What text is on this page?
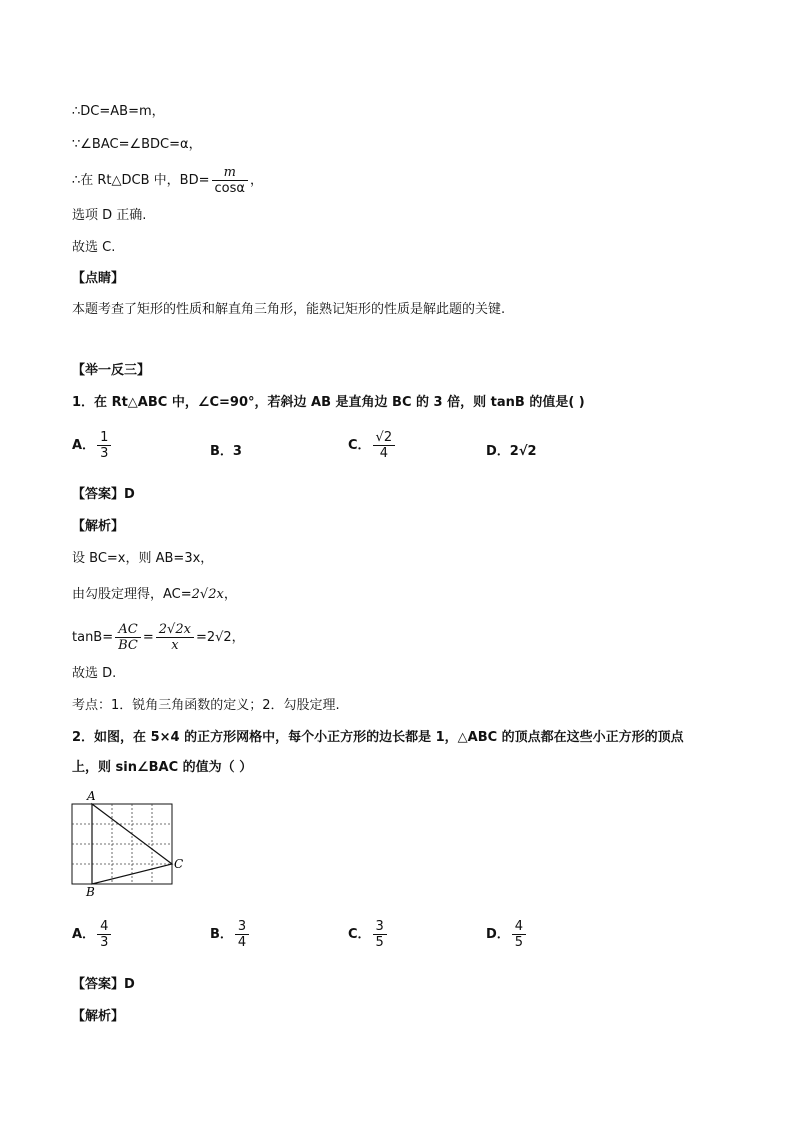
∴DC=AB=m，
∵∠BAC=∠BDC=α，
∴在 Rt△DCB 中，$BD= \frac{m}{\cos\alpha}$ ，
选项 D 正确.
故选 C.
【点睛】
本题考查了矩形的性质和解直角三角形，能熟记矩形的性质是解此题的关键.
【举一反三】
1．在 Rt△ABC 中，∠C=90°，若斜边 AB 是直角边 BC 的 3 倍，则 tanB 的值是( )
A． $\frac{1}{3}$	B．3	C． $\frac{√2}{4}$	D．2√2
【答案】D
【解析】
设 BC=x，则 AB=3x，
由勾股定理得，AC=2√2x，
$\tan B= \frac{AC}{BC} = \frac{2√2x}{x} =2√2$，
故选 D.
考点：1．锐角三角函数的定义；2．勾股定理.
2．如图，在 5×4 的正方形网格中，每个小正方形的边长都是 1，△ABC 的顶点都在这些小正方形的顶点
上，则 sin∠BAC 的值为（ ）
A
B
C
A． $\frac{4}{3}$	B． $\frac{3}{4}$	C． $\frac{3}{5}$	D． $\frac{4}{5}$
【答案】D
【解析】
